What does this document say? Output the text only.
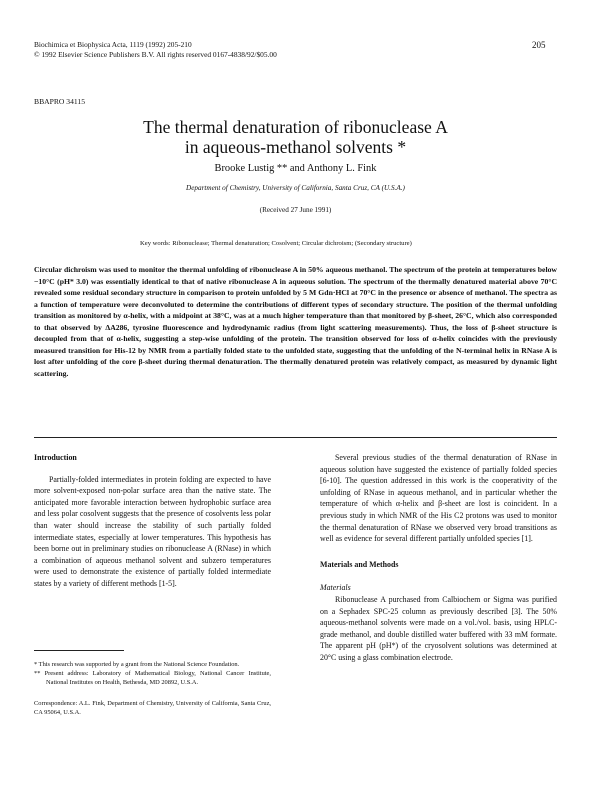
Biochimica et Biophysica Acta, 1119 (1992) 205-210
© 1992 Elsevier Science Publishers B.V. All rights reserved 0167-4838/92/$05.00
205
BBAPRO 34115
The thermal denaturation of ribonuclease A
in aqueous-methanol solvents *
Brooke Lustig ** and Anthony L. Fink
Department of Chemistry, University of California, Santa Cruz, CA (U.S.A.)
(Received 27 June 1991)
Key words: Ribonuclease; Thermal denaturation; Cosolvent; Circular dichroism; (Secondary structure)

Circular dichroism was used to monitor the thermal unfolding of ribonuclease A in 50% aqueous methanol. The spectrum of the protein at temperatures below −10°C (pH* 3.0) was essentially identical to that of native ribonuclease A in aqueous solution. The spectrum of the thermally denatured material above 70°C revealed some residual secondary structure in comparison to protein unfolded by 5 M Gdn·HCl at 70°C in the presence or absence of methanol. The spectra as a function of temperature were deconvoluted to determine the contributions of different types of secondary structure. The position of the thermal unfolding transition as monitored by α-helix, with a midpoint at 38°C, was at a much higher temperature than that monitored by β-sheet, 26°C, which also corresponded to that observed by ΔA286, tyrosine fluorescence and hydrodynamic radius (from light scattering measurements). Thus, the loss of β-sheet structure is decoupled from that of α-helix, suggesting a step-wise unfolding of the protein. The transition observed for loss of α-helix coincides with the previously measured transition for His-12 by NMR from a partially folded state to the unfolded state, suggesting that the unfolding of the N-terminal helix in RNase A is lost after unfolding of the core β-sheet during thermal denaturation. The thermally denatured protein was relatively compact, as measured by dynamic light scattering.

Introduction

Partially-folded intermediates in protein folding are expected to have more solvent-exposed non-polar surface area than the native state. The anticipated more favorable interaction between hydrophobic surface area and less polar cosolvent suggests that the presence of cosolvents less polar than water should increase the stability of such partially folded intermediate states, especially at lower temperatures. This hypothesis has been borne out in preliminary studies on ribonuclease A (RNase) in which a combination of aqueous methanol solvent and subzero temperatures were used to demonstrate the existence of partially folded intermediate states by a variety of different methods [1-5].

* This research was supported by a grant from the National Science Foundation.

** Present address: Laboratory of Mathematical Biology, National Cancer Institute, National Institutes on Health, Bethesda, MD 20892, U.S.A.

Correspondence: A.L. Fink, Department of Chemistry, University of California, Santa Cruz, CA 95064, U.S.A.

Several previous studies of the thermal denaturation of RNase in aqueous solution have suggested the existence of partially folded species [6-10]. The question addressed in this work is the cooperativity of the unfolding of RNase in aqueous methanol, and in particular whether the temperature of which α-helix and β-sheet are lost is coincident. In a previous study in which NMR of the His C2 protons was used to monitor the thermal denaturation of RNase we observed very broad transitions as well as evidence for several different partially unfolded species [1].

Materials and Methods
Materials

Ribonuclease A purchased from Calbiochem or Sigma was purified on a Sephadex SPC-25 column as previously described [3]. The 50% aqueous-methanol solvents were made on a vol./vol. basis, using HPLC-grade methanol, and double distilled water buffered with 33 mM formate. The apparent pH (pH*) of the cryosolvent solutions was determined at 20°C using a glass combination electrode.
